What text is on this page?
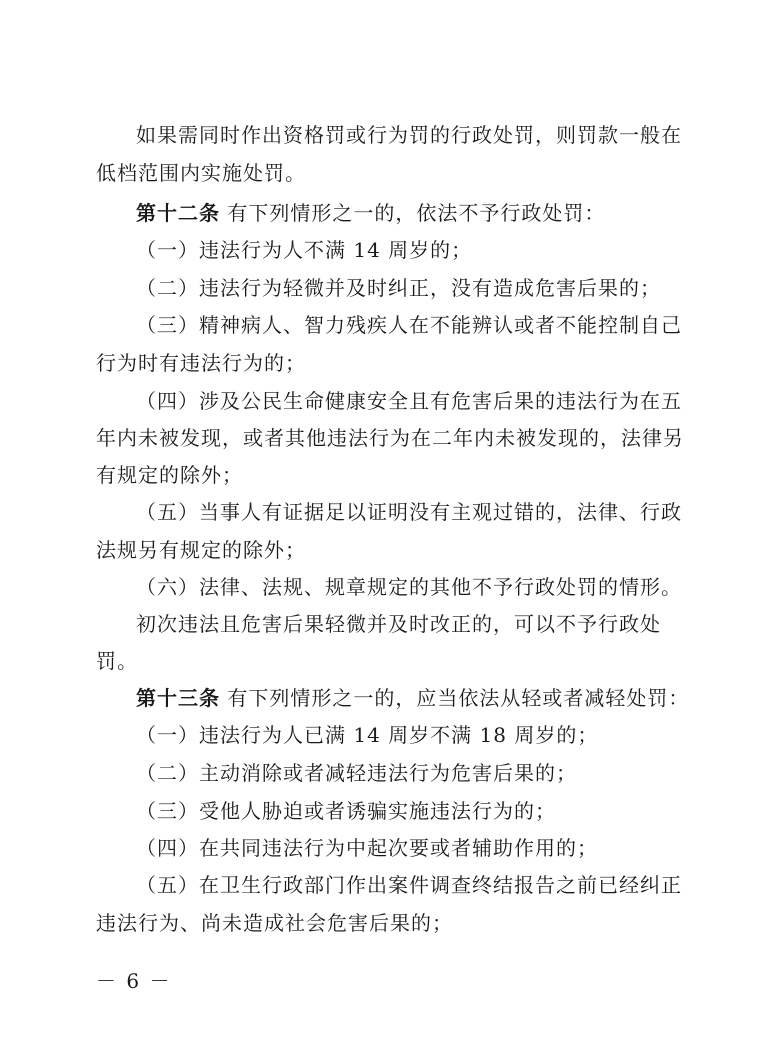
如果需同时作出资格罚或行为罚的行政处罚，则罚款一般在
低档范围内实施处罚。
第十二条 有下列情形之一的，依法不予行政处罚：
（一）违法行为人不满 14 周岁的；
（二）违法行为轻微并及时纠正，没有造成危害后果的；
（三）精神病人、智力残疾人在不能辨认或者不能控制自己
行为时有违法行为的；
（四）涉及公民生命健康安全且有危害后果的违法行为在五
年内未被发现，或者其他违法行为在二年内未被发现的，法律另
有规定的除外；
（五）当事人有证据足以证明没有主观过错的，法律、行政
法规另有规定的除外；
（六）法律、法规、规章规定的其他不予行政处罚的情形。
初次违法且危害后果轻微并及时改正的，可以不予行政处
罚。
第十三条 有下列情形之一的，应当依法从轻或者减轻处罚：
（一）违法行为人已满 14 周岁不满 18 周岁的；
（二）主动消除或者减轻违法行为危害后果的；
（三）受他人胁迫或者诱骗实施违法行为的；
（四）在共同违法行为中起次要或者辅助作用的；
（五）在卫生行政部门作出案件调查终结报告之前已经纠正
违法行为、尚未造成社会危害后果的；
－ 6 －
